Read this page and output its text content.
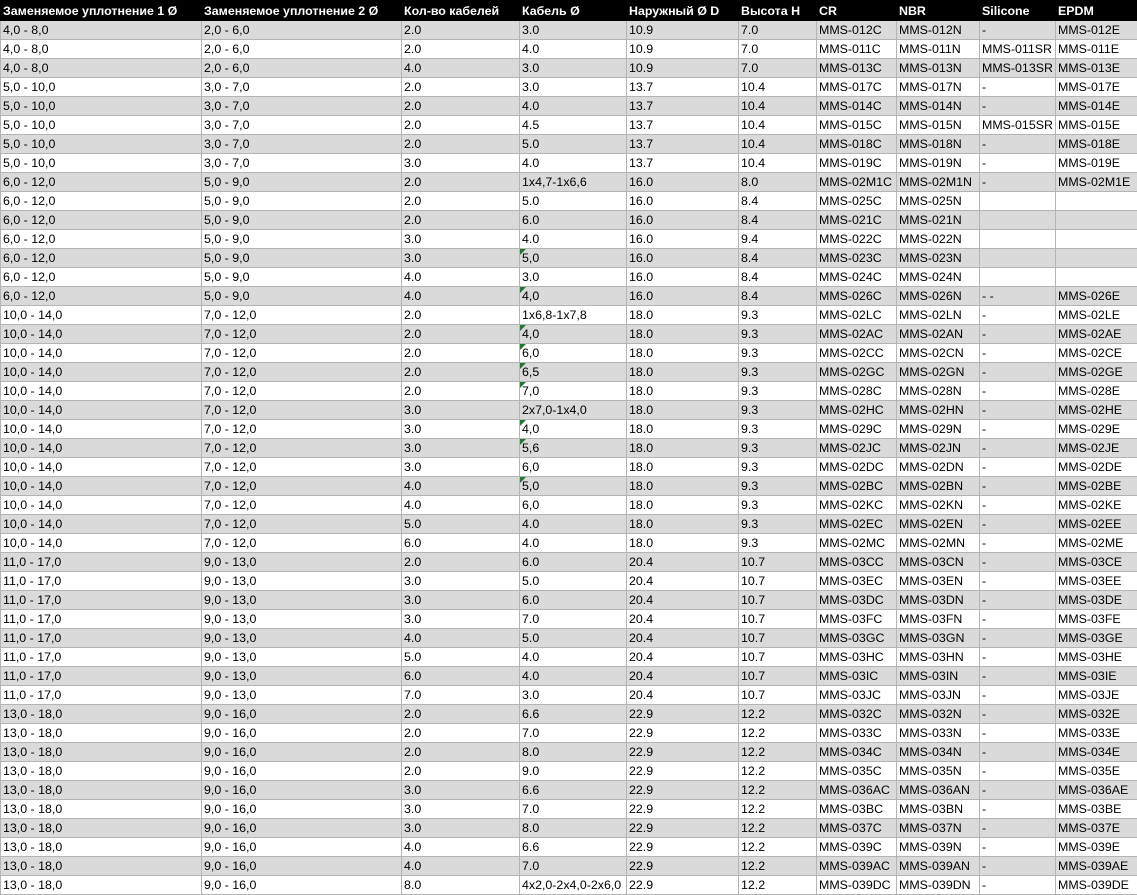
Заменяемое уплотнение 1 Ø	Заменяемое уплотнение 2 Ø	Кол-во кабелей	Кабель Ø	Наружный Ø D	Высота H	CR	NBR	Silicone	EPDM
4,0 - 8,0	2,0 - 6,0	2.0	3.0	10.9	7.0	MMS-012C	MMS-012N	-	MMS-012E
4,0 - 8,0	2,0 - 6,0	2.0	4.0	10.9	7.0	MMS-011C	MMS-011N	MMS-011SR	MMS-011E
4,0 - 8,0	2,0 - 6,0	4.0	3.0	10.9	7.0	MMS-013C	MMS-013N	MMS-013SR	MMS-013E
5,0 - 10,0	3,0 - 7,0	2.0	3.0	13.7	10.4	MMS-017C	MMS-017N	-	MMS-017E
5,0 - 10,0	3,0 - 7,0	2.0	4.0	13.7	10.4	MMS-014C	MMS-014N	-	MMS-014E
5,0 - 10,0	3,0 - 7,0	2.0	4.5	13.7	10.4	MMS-015C	MMS-015N	MMS-015SR	MMS-015E
5,0 - 10,0	3,0 - 7,0	2.0	5.0	13.7	10.4	MMS-018C	MMS-018N	-	MMS-018E
5,0 - 10,0	3,0 - 7,0	3.0	4.0	13.7	10.4	MMS-019C	MMS-019N	-	MMS-019E
6,0 - 12,0	5,0 - 9,0	2.0	1x4,7-1x6,6	16.0	8.0	MMS-02M1C	MMS-02M1N	-	MMS-02M1E
6,0 - 12,0	5,0 - 9,0	2.0	5.0	16.0	8.4	MMS-025C	MMS-025N		
6,0 - 12,0	5,0 - 9,0	2.0	6.0	16.0	8.4	MMS-021C	MMS-021N		
6,0 - 12,0	5,0 - 9,0	3.0	4.0	16.0	9.4	MMS-022C	MMS-022N		
6,0 - 12,0	5,0 - 9,0	3.0	5,0	16.0	8.4	MMS-023C	MMS-023N		
6,0 - 12,0	5,0 - 9,0	4.0	3.0	16.0	8.4	MMS-024C	MMS-024N		
6,0 - 12,0	5,0 - 9,0	4.0	4,0	16.0	8.4	MMS-026C	MMS-026N	- -	MMS-026E
10,0 - 14,0	7,0 - 12,0	2.0	1x6,8-1x7,8	18.0	9.3	MMS-02LC	MMS-02LN	-	MMS-02LE
10,0 - 14,0	7,0 - 12,0	2.0	4,0	18.0	9.3	MMS-02AC	MMS-02AN	-	MMS-02AE
10,0 - 14,0	7,0 - 12,0	2.0	6,0	18.0	9.3	MMS-02CC	MMS-02CN	-	MMS-02CE
10,0 - 14,0	7,0 - 12,0	2.0	6,5	18.0	9.3	MMS-02GC	MMS-02GN	-	MMS-02GE
10,0 - 14,0	7,0 - 12,0	2.0	7,0	18.0	9.3	MMS-028C	MMS-028N	-	MMS-028E
10,0 - 14,0	7,0 - 12,0	3.0	2x7,0-1x4,0	18.0	9.3	MMS-02HC	MMS-02HN	-	MMS-02HE
10,0 - 14,0	7,0 - 12,0	3.0	4,0	18.0	9.3	MMS-029C	MMS-029N	-	MMS-029E
10,0 - 14,0	7,0 - 12,0	3.0	5,6	18.0	9.3	MMS-02JC	MMS-02JN	-	MMS-02JE
10,0 - 14,0	7,0 - 12,0	3.0	6,0	18.0	9.3	MMS-02DC	MMS-02DN	-	MMS-02DE
10,0 - 14,0	7,0 - 12,0	4.0	5,0	18.0	9.3	MMS-02BC	MMS-02BN	-	MMS-02BE
10,0 - 14,0	7,0 - 12,0	4.0	6,0	18.0	9.3	MMS-02KC	MMS-02KN	-	MMS-02KE
10,0 - 14,0	7,0 - 12,0	5.0	4.0	18.0	9.3	MMS-02EC	MMS-02EN	-	MMS-02EE
10,0 - 14,0	7,0 - 12,0	6.0	4.0	18.0	9.3	MMS-02MC	MMS-02MN	-	MMS-02ME
11,0 - 17,0	9,0 - 13,0	2.0	6.0	20.4	10.7	MMS-03CC	MMS-03CN	-	MMS-03CE
11,0 - 17,0	9,0 - 13,0	3.0	5.0	20.4	10.7	MMS-03EC	MMS-03EN	-	MMS-03EE
11,0 - 17,0	9,0 - 13,0	3.0	6.0	20.4	10.7	MMS-03DC	MMS-03DN	-	MMS-03DE
11,0 - 17,0	9,0 - 13,0	3.0	7.0	20.4	10.7	MMS-03FC	MMS-03FN	-	MMS-03FE
11,0 - 17,0	9,0 - 13,0	4.0	5.0	20.4	10.7	MMS-03GC	MMS-03GN	-	MMS-03GE
11,0 - 17,0	9,0 - 13,0	5.0	4.0	20.4	10.7	MMS-03HC	MMS-03HN	-	MMS-03HE
11,0 - 17,0	9,0 - 13,0	6.0	4.0	20.4	10.7	MMS-03IC	MMS-03IN	-	MMS-03IE
11,0 - 17,0	9,0 - 13,0	7.0	3.0	20.4	10.7	MMS-03JC	MMS-03JN	-	MMS-03JE
13,0 - 18,0	9,0 - 16,0	2.0	6.6	22.9	12.2	MMS-032C	MMS-032N	-	MMS-032E
13,0 - 18,0	9,0 - 16,0	2.0	7.0	22.9	12.2	MMS-033C	MMS-033N	-	MMS-033E
13,0 - 18,0	9,0 - 16,0	2.0	8.0	22.9	12.2	MMS-034C	MMS-034N	-	MMS-034E
13,0 - 18,0	9,0 - 16,0	2.0	9.0	22.9	12.2	MMS-035C	MMS-035N	-	MMS-035E
13,0 - 18,0	9,0 - 16,0	3.0	6.6	22.9	12.2	MMS-036AC	MMS-036AN	-	MMS-036AE
13,0 - 18,0	9,0 - 16,0	3.0	7.0	22.9	12.2	MMS-03BC	MMS-03BN	-	MMS-03BE
13,0 - 18,0	9,0 - 16,0	3.0	8.0	22.9	12.2	MMS-037C	MMS-037N	-	MMS-037E
13,0 - 18,0	9,0 - 16,0	4.0	6.6	22.9	12.2	MMS-039C	MMS-039N	-	MMS-039E
13,0 - 18,0	9,0 - 16,0	4.0	7.0	22.9	12.2	MMS-039AC	MMS-039AN	-	MMS-039AE
13,0 - 18,0	9,0 - 16,0	8.0	4x2,0-2x4,0-2x6,0	22.9	12.2	MMS-039DC	MMS-039DN	-	MMS-039DE
